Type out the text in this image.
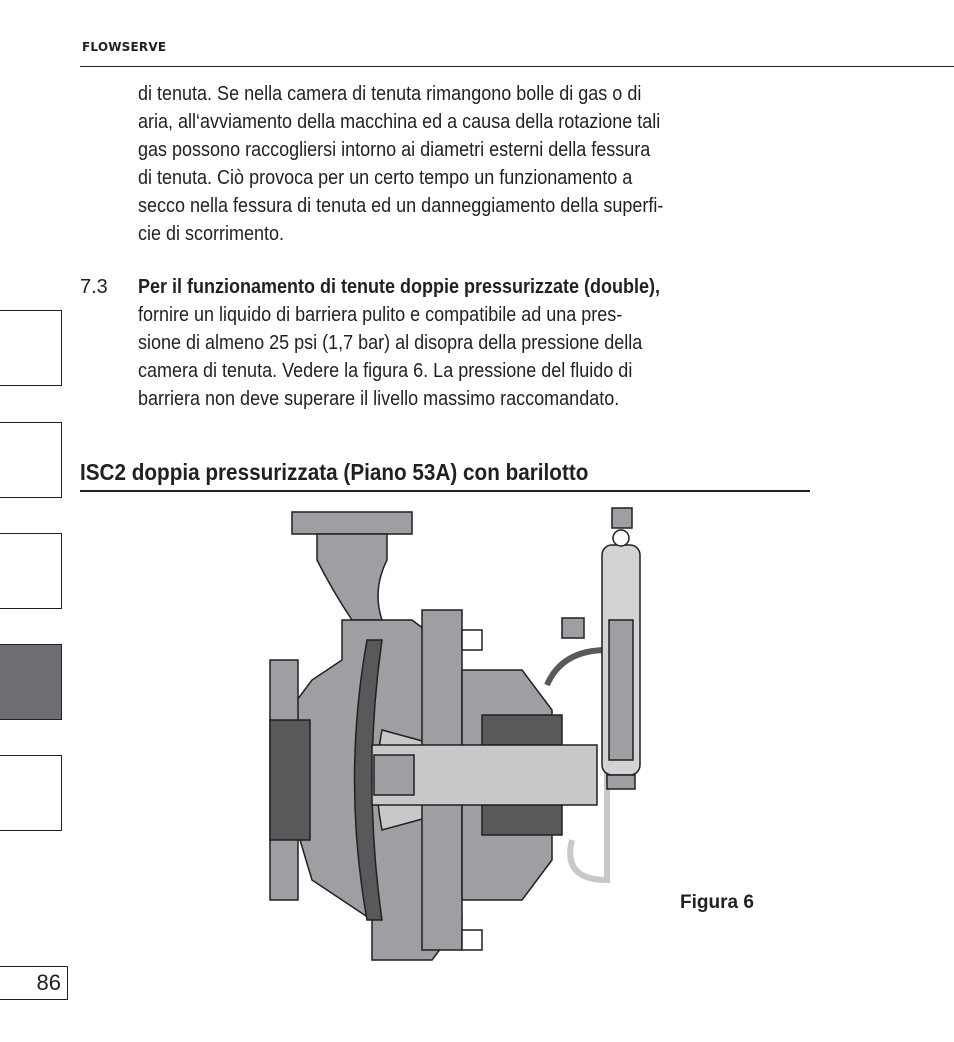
FLOWSERVE
di tenuta. Se nella camera di tenuta rimangono bolle di gas o di
aria, all‘avviamento della macchina ed a causa della rotazione tali
gas possono raccogliersi intorno ai diametri esterni della fessura
di tenuta. Ciò provoca per un certo tempo un funzionamento a
secco nella fessura di tenuta ed un danneggiamento della superfi-
cie di scorrimento.
7.3 Per il funzionamento di tenute doppie pressurizzate (double),
fornire un liquido di barriera pulito e compatibile ad una pres-
sione di almeno 25 psi (1,7 bar) al disopra della pressione della
camera di tenuta. Vedere la figura 6. La pressione del fluido di
barriera non deve superare il livello massimo raccomandato.
ISC2 doppia pressurizzata (Piano 53A) con barilotto
86

Figura 6
